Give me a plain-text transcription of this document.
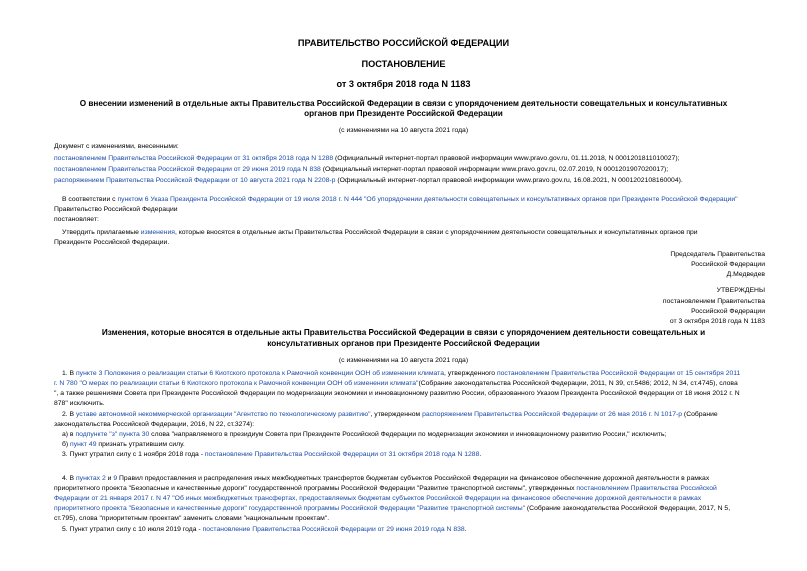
ПРАВИТЕЛЬСТВО РОССИЙСКОЙ ФЕДЕРАЦИИ
ПОСТАНОВЛЕНИЕ
от 3 октября 2018 года N 1183
О внесении изменений в отдельные акты Правительства Российской Федерации в связи с упорядочением деятельности совещательных и консультативных
органов при Президенте Российской Федерации
(с изменениями на 10 августа 2021 года)
Документ с изменениями, внесенными:
постановлением Правительства Российской Федерации от 31 октября 2018 года N 1288 (Официальный интернет-портал правовой информации www.pravo.gov.ru, 01.11.2018, N 0001201811010027);
постановлением Правительства Российской Федерации от 29 июня 2019 года N 838 (Официальный интернет-портал правовой информации www.pravo.gov.ru, 02.07.2019, N 0001201907020017);
распоряжением Правительства Российской Федерации от 10 августа 2021 года N 2208-р (Официальный интернет-портал правовой информации www.pravo.gov.ru, 16.08.2021, N 0001202108160004).
В соответствии с пунктом 6 Указа Президента Российской Федерации от 19 июля 2018 г. N 444 "Об упорядочении деятельности совещательных и консультативных органов при Президенте Российской Федерации"
Правительство Российской Федерации
постановляет:
Утвердить прилагаемые изменения, которые вносятся в отдельные акты Правительства Российской Федерации в связи с упорядочением деятельности совещательных и консультативных органов при
Президенте Российской Федерации.
Председатель Правительства
Российской Федерации
Д.Медведев
УТВЕРЖДЕНЫ
постановлением Правительства
Российской Федерации
от 3 октября 2018 года N 1183
Изменения, которые вносятся в отдельные акты Правительства Российской Федерации в связи с упорядочением деятельности совещательных и
консультативных органов при Президенте Российской Федерации
(с изменениями на 10 августа 2021 года)
1. В пункте 3 Положения о реализации статьи 6 Киотского протокола к Рамочной конвенции ООН об изменении климата, утвержденного постановлением Правительства Российской Федерации от 15 сентября 2011
г. N 780 "О мерах по реализации статьи 6 Киотского протокола к Рамочной конвенции ООН об изменении климата"(Собрание законодательства Российской Федерации, 2011, N 39, ст.5486; 2012, N 34, ст.4745), слова
", а также решениями Совета при Президенте Российской Федерации по модернизации экономики и инновационному развитию России, образованного Указом Президента Российской Федерации от 18 июня 2012 г. N
878" исключить.
2. В уставе автономной некоммерческой организации "Агентство по технологическому развитию", утвержденном распоряжением Правительства Российской Федерации от 26 мая 2016 г. N 1017-р (Собрание
законодательства Российской Федерации, 2016, N 22, ст.3274):
а) в подпункте "з" пункта 30 слова "направляемого в президиум Совета при Президенте Российской Федерации по модернизации экономики и инновационному развитию России," исключить;
б) пункт 49 признать утратившим силу.
3. Пункт утратил силу с 1 ноября 2018 года - постановление Правительства Российской Федерации от 31 октября 2018 года N 1288.
4. В пунктах 2 и 9 Правил предоставления и распределения иных межбюджетных трансфертов бюджетам субъектов Российской Федерации на финансовое обеспечение дорожной деятельности в рамках
приоритетного проекта "Безопасные и качественные дороги" государственной программы Российской Федерации "Развитие транспортной системы", утвержденных постановлением Правительства Российской
Федерации от 21 января 2017 г. N 47 "Об иных межбюджетных трансфертах, предоставляемых бюджетам субъектов Российской Федерации на финансовое обеспечение дорожной деятельности в рамках
приоритетного проекта "Безопасные и качественные дороги" государственной программы Российской Федерации "Развитие транспортной системы" (Собрание законодательства Российской Федерации, 2017, N 5,
ст.795), слова "приоритетным проектам" заменить словами "национальным проектам".
5. Пункт утратил силу с 10 июля 2019 года - постановление Правительства Российской Федерации от 29 июня 2019 года N 838.
